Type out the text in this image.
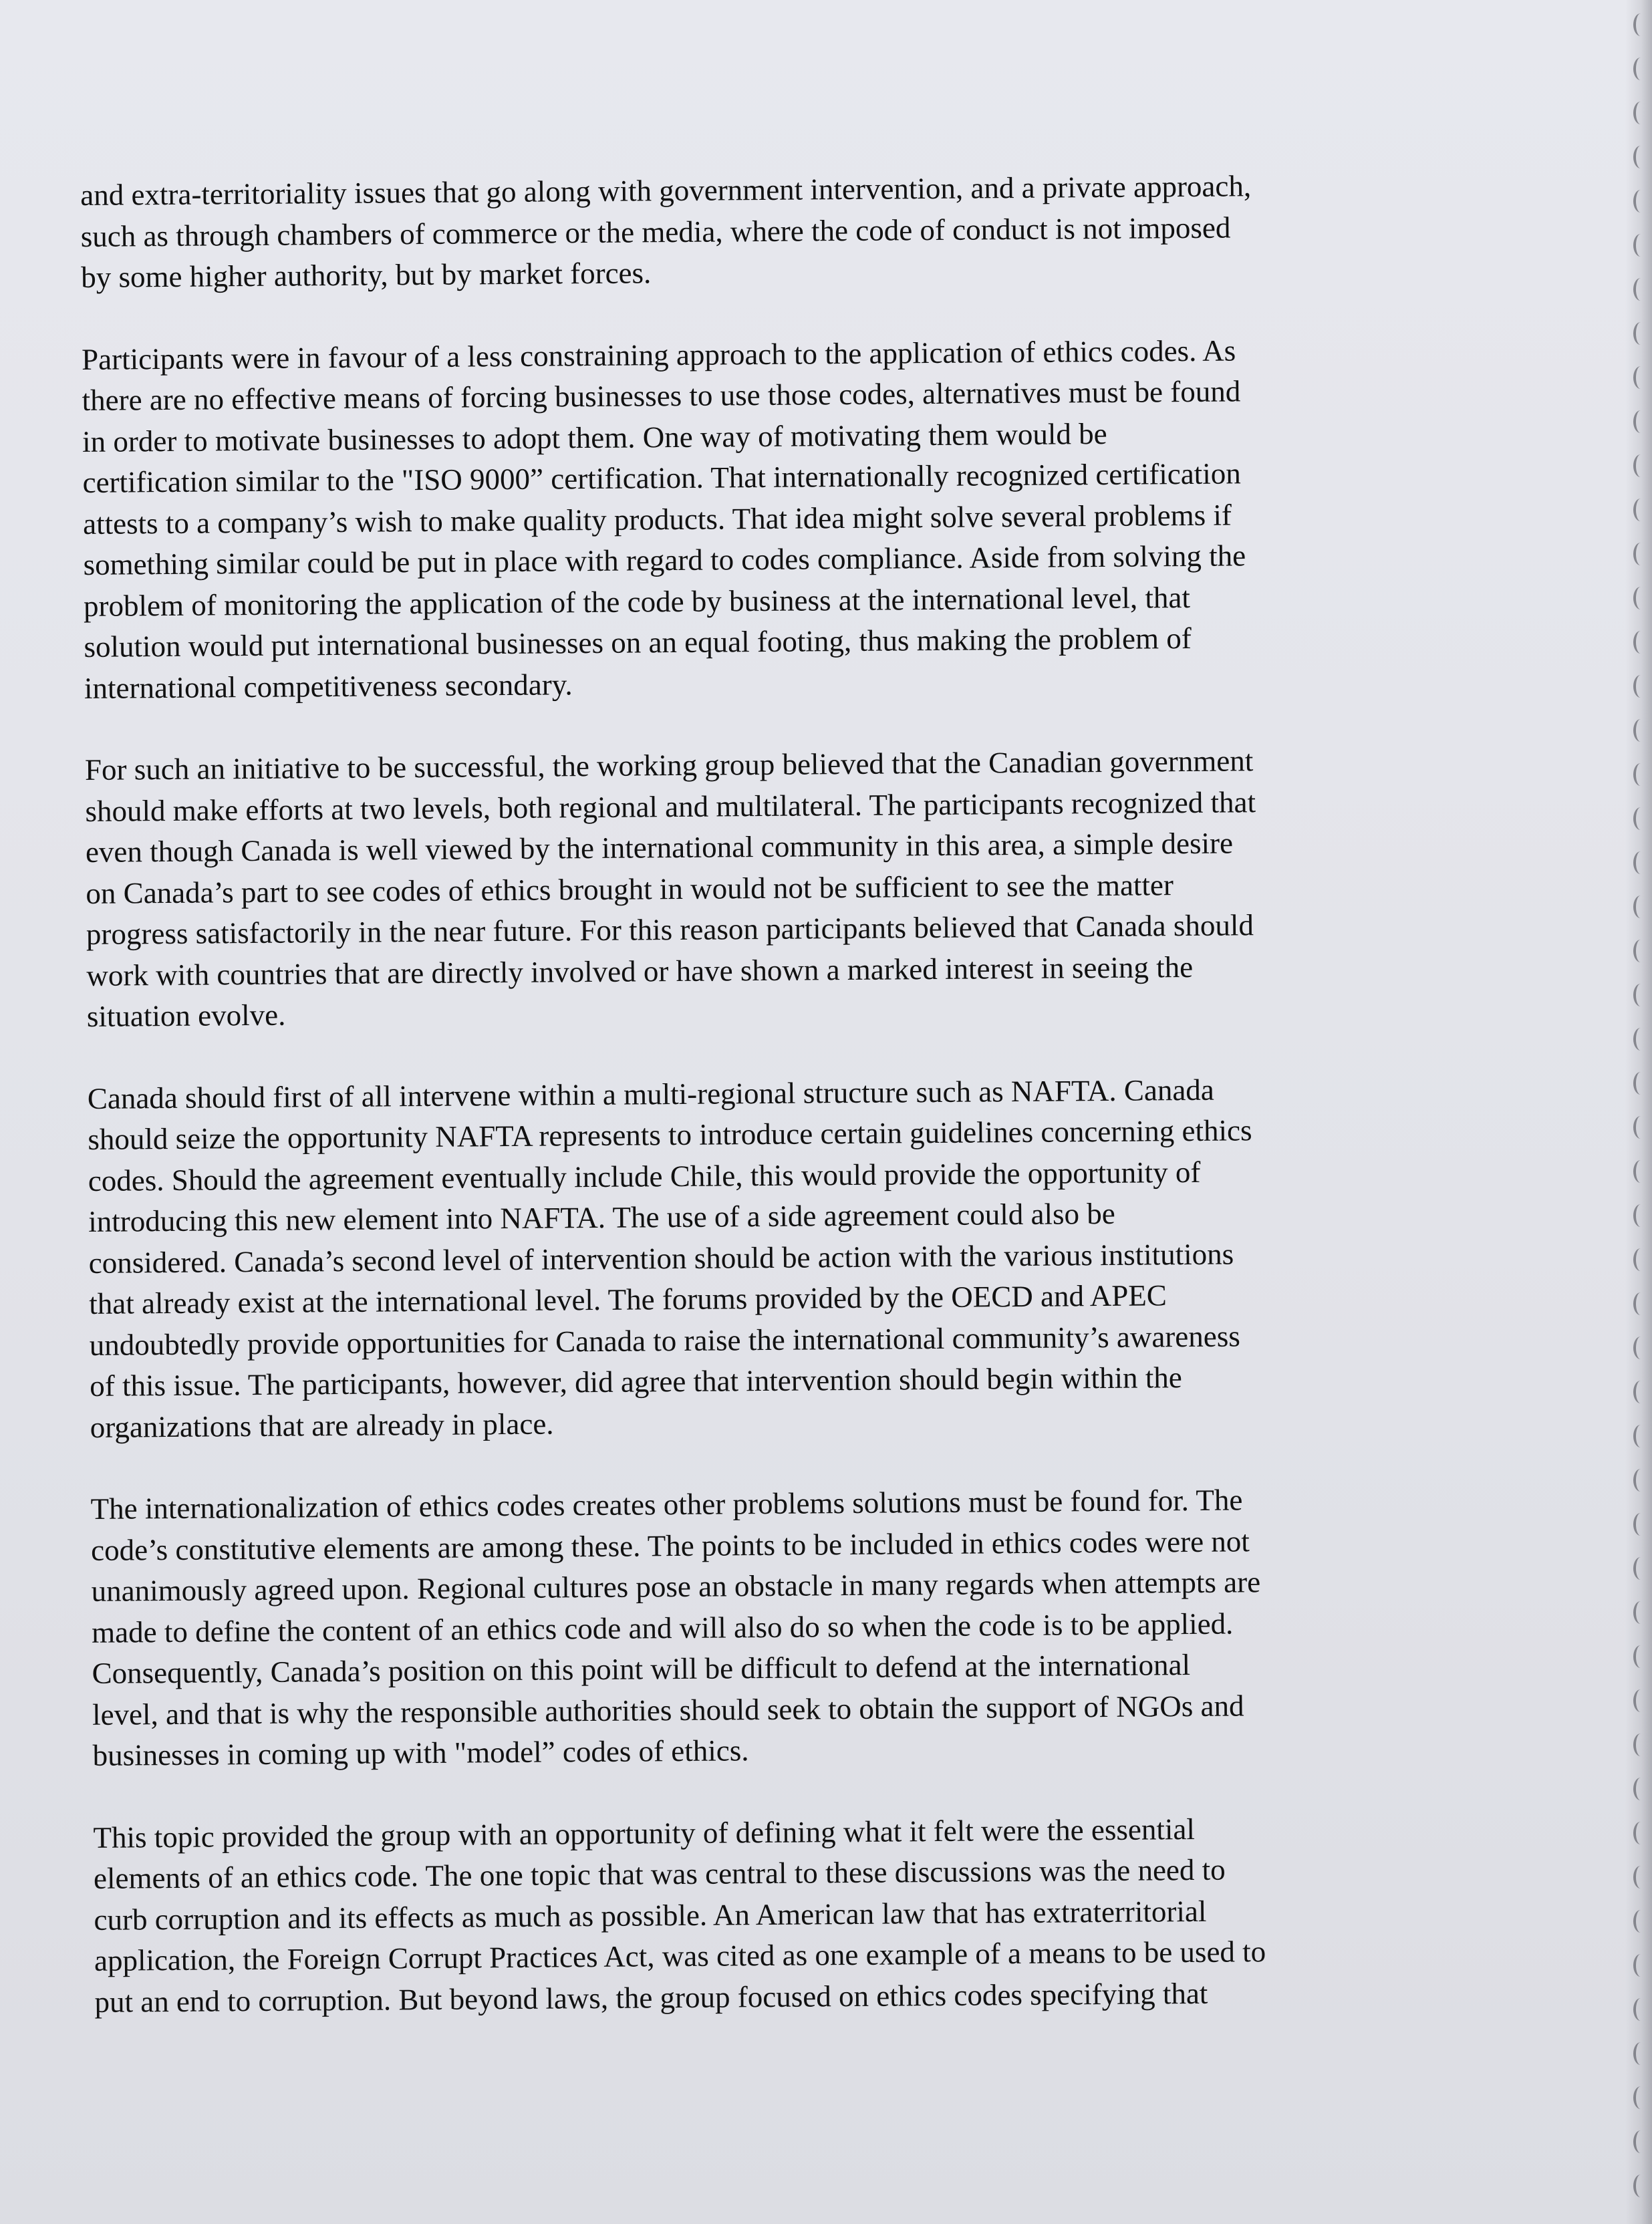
and extra-territoriality issues that go along with government intervention, and a private approach,
such as through chambers of commerce or the media, where the code of conduct is not imposed
by some higher authority, but by market forces.
Participants were in favour of a less constraining approach to the application of ethics codes. As
there are no effective means of forcing businesses to use those codes, alternatives must be found
in order to motivate businesses to adopt them. One way of motivating them would be
certification similar to the "ISO 9000” certification. That internationally recognized certification
attests to a company’s wish to make quality products. That idea might solve several problems if
something similar could be put in place with regard to codes compliance. Aside from solving the
problem of monitoring the application of the code by business at the international level, that
solution would put international businesses on an equal footing, thus making the problem of
international competitiveness secondary.
For such an initiative to be successful, the working group believed that the Canadian government
should make efforts at two levels, both regional and multilateral. The participants recognized that
even though Canada is well viewed by the international community in this area, a simple desire
on Canada’s part to see codes of ethics brought in would not be sufficient to see the matter
progress satisfactorily in the near future. For this reason participants believed that Canada should
work with countries that are directly involved or have shown a marked interest in seeing the
situation evolve.
Canada should first of all intervene within a multi-regional structure such as NAFTA. Canada
should seize the opportunity NAFTA represents to introduce certain guidelines concerning ethics
codes. Should the agreement eventually include Chile, this would provide the opportunity of
introducing this new element into NAFTA. The use of a side agreement could also be
considered. Canada’s second level of intervention should be action with the various institutions
that already exist at the international level. The forums provided by the OECD and APEC
undoubtedly provide opportunities for Canada to raise the international community’s awareness
of this issue. The participants, however, did agree that intervention should begin within the
organizations that are already in place.
The internationalization of ethics codes creates other problems solutions must be found for. The
code’s constitutive elements are among these. The points to be included in ethics codes were not
unanimously agreed upon. Regional cultures pose an obstacle in many regards when attempts are
made to define the content of an ethics code and will also do so when the code is to be applied.
Consequently, Canada’s position on this point will be difficult to defend at the international
level, and that is why the responsible authorities should seek to obtain the support of NGOs and
businesses in coming up with "model” codes of ethics.
This topic provided the group with an opportunity of defining what it felt were the essential
elements of an ethics code. The one topic that was central to these discussions was the need to
curb corruption and its effects as much as possible. An American law that has extraterritorial
application, the Foreign Corrupt Practices Act, was cited as one example of a means to be used to
put an end to corruption. But beyond laws, the group focused on ethics codes specifying that
